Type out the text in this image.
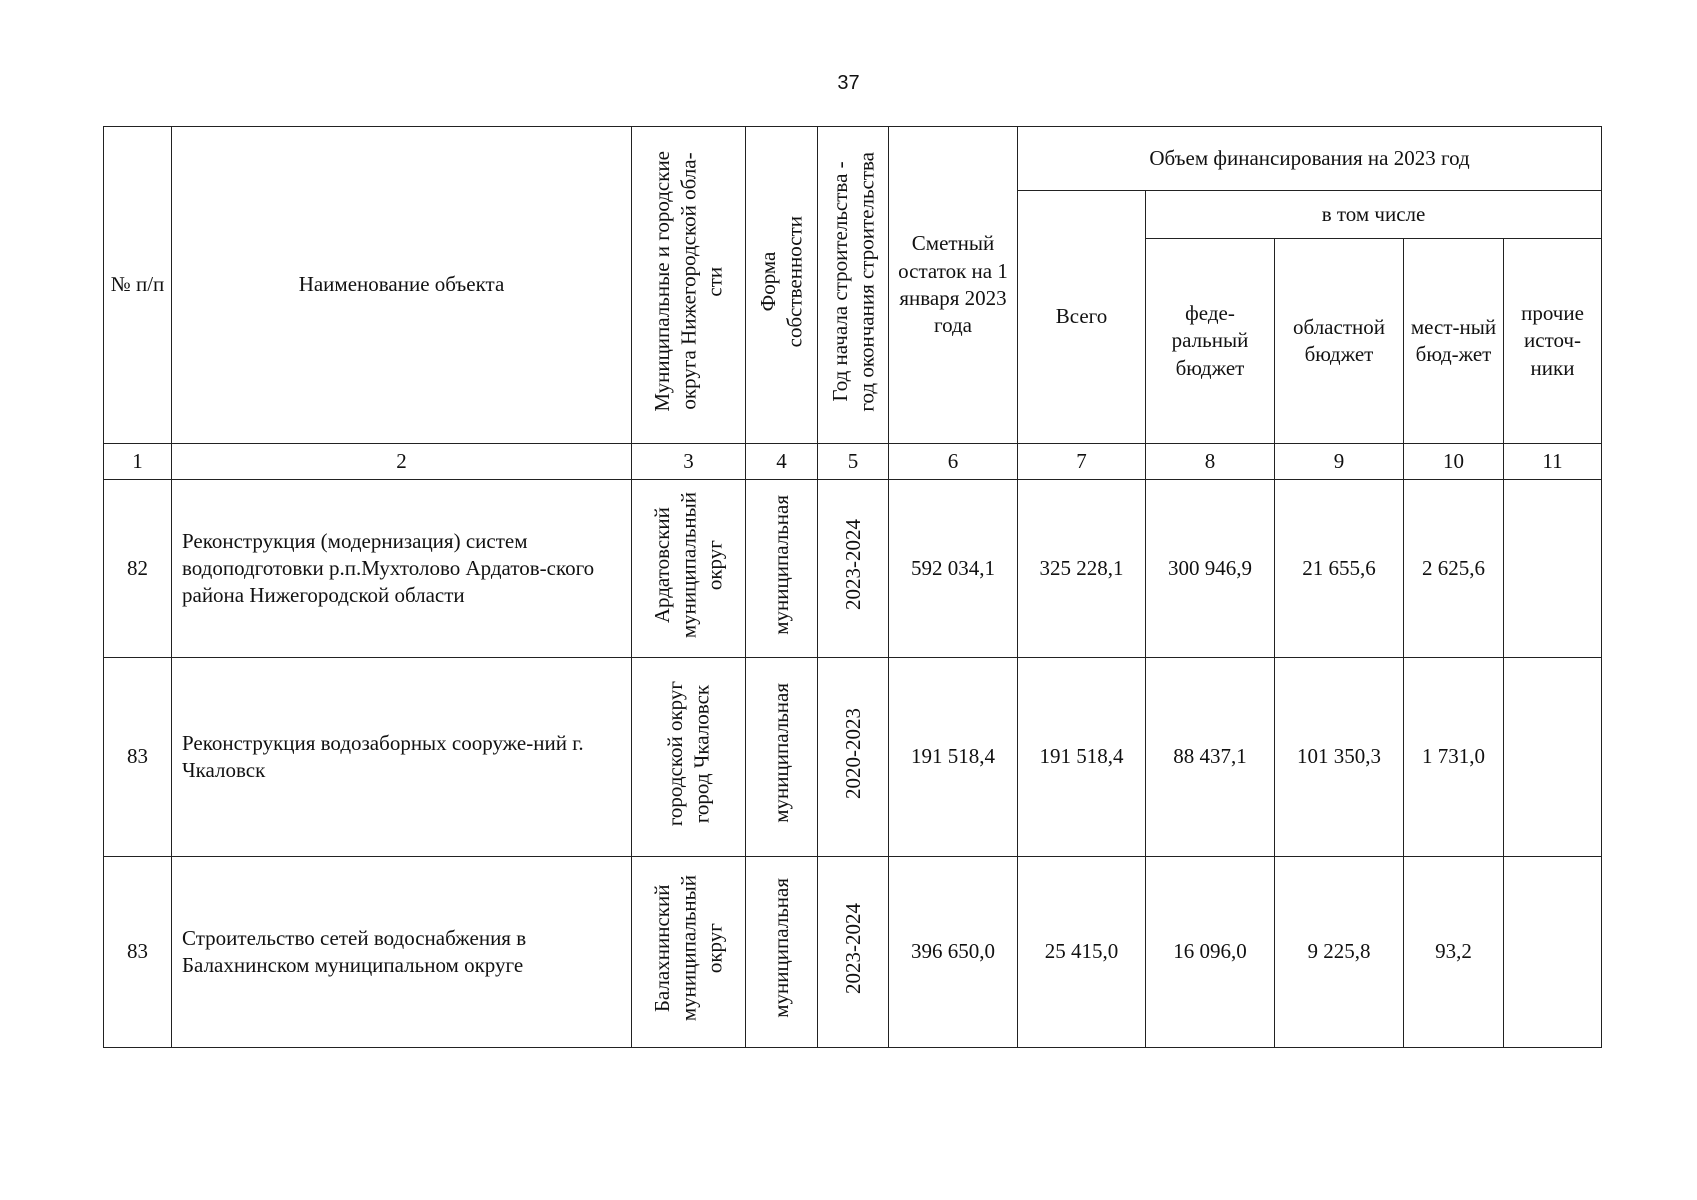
37
№ п/п	Наименование объекта	Муниципальные и городские
округа Нижегородской обла-
сти	Форма
собственности	Год начала строительства -
год окончания строительства	Сметный остаток на 1 января 2023 года	Объем финансирования на 2023 год				
						Всего	в том числе			
							феде-ральный бюджет	областной бюджет	мест-ный бюд-жет	прочие источ-ники
1	2	3	4	5	6	7	8	9	10	11
82	Реконструкция (модернизация) систем водоподготовки р.п.Мухтолово Ардатов-ского района Нижегородской области	Ардатовский
муниципальный
округ	муниципальная	2023-2024	592 034,1	325 228,1	300 946,9	21 655,6	2 625,6	
83	Реконструкция водозаборных сооруже-ний г. Чкаловск	городской округ
город Чкаловск	муниципальная	2020-2023	191 518,4	191 518,4	88 437,1	101 350,3	1 731,0	
83	Строительство сетей водоснабжения в Балахнинском муниципальном округе	Балахнинский
муниципальный
округ	муниципальная	2023-2024	396 650,0	25 415,0	16 096,0	9 225,8	93,2	
